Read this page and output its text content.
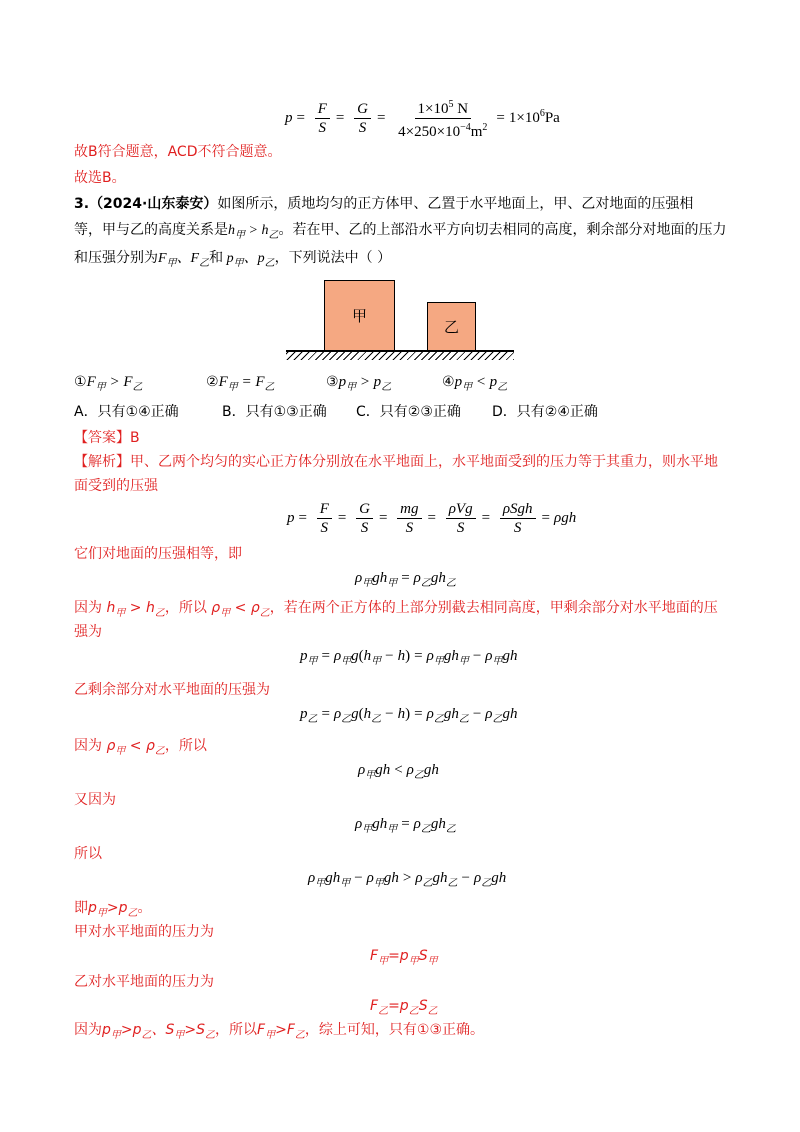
$p = \frac{F}{S} = \frac{G}{S} = \frac{1\times 10^5 N}{4\times 250\times 10^{-4}m^2} = 1\times 10^6Pa$
故B符合题意，ACD不符合题意。
故选B。
3.（2024·山东泰安）如图所示，质地均匀的正方体甲、乙置于水平地面上，甲、乙对地面的压强相
等，甲与乙的高度关系是$h_甲 > h_乙$。若在甲、乙的上部沿水平方向切去相同的高度，剩余部分对地面的压力
和压强分别为$F_甲$、$F_乙$和 $p_甲$、$p_乙$，下列说法中（ ）
甲
乙
$①F_甲 > F_乙$	$②F_甲 = F_乙$	$③p_甲 > p_乙$	$④p_甲 < p_乙$
A．只有①④正确	B．只有①③正确 C．只有②③正确 D．只有②④正确
【答案】B
【解析】甲、乙两个均匀的实心正方体分别放在水平地面上，水平地面受到的压力等于其重力，则水平地
面受到的压强
$p = \frac{F}{S} = \frac{G}{S} = \frac{mg}{S} = \frac{\text{ρVg}}{S} = \frac{\text{ρSgh}}{S} = \rho gh$
它们对地面的压强相等，即
$\rho_甲gh_甲 = \rho_乙gh_乙$
因为 $h_甲 > h_乙$，所以 $\rho_甲 < \rho_乙$，若在两个正方体的上部分别截去相同高度，甲剩余部分对水平地面的压
强为
$p_甲 = \rho_甲g(h_甲 - h) = \rho_甲gh_甲 - \rho_甲gh$
乙剩余部分对水平地面的压强为
$p_乙 = \rho_乙g(h_乙 - h) = \rho_乙gh_乙 - \rho_乙gh$
因为 $\rho_甲 < \rho_乙$，所以
$\rho_甲gh < \rho_乙gh$
又因为
$\rho_甲gh_甲 = \rho_乙gh_乙$
所以
$\rho_甲gh_甲 - \rho_甲gh > \rho_乙gh_乙 - \rho_乙gh$
即$p_甲>p_乙$。
甲对水平地面的压力为
$F_甲=p_甲S_甲$
乙对水平地面的压力为
$F_乙=p_乙S_乙$
因为$p_甲>p_乙$、$S_甲>S_乙$，所以$F_甲>F_乙$，综上可知，只有①③正确。
